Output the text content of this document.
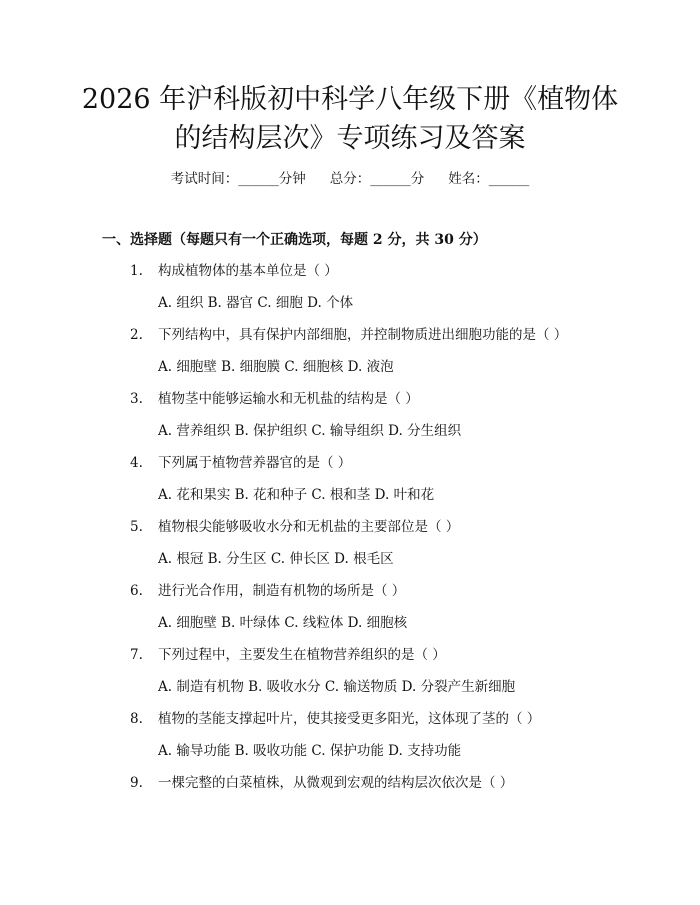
2026 年沪科版初中科学八年级下册《植物体
的结构层次》专项练习及答案
考试时间：______分钟 总分：______分 姓名：______
一、选择题（每题只有一个正确选项，每题 2 分，共 30 分）
1. 构成植物体的基本单位是（ ）
A. 组织 B. 器官 C. 细胞 D. 个体
2. 下列结构中，具有保护内部细胞，并控制物质进出细胞功能的是（ ）
A. 细胞壁 B. 细胞膜 C. 细胞核 D. 液泡
3. 植物茎中能够运输水和无机盐的结构是（ ）
A. 营养组织 B. 保护组织 C. 输导组织 D. 分生组织
4. 下列属于植物营养器官的是（ ）
A. 花和果实 B. 花和种子 C. 根和茎 D. 叶和花
5. 植物根尖能够吸收水分和无机盐的主要部位是（ ）
A. 根冠 B. 分生区 C. 伸长区 D. 根毛区
6. 进行光合作用，制造有机物的场所是（ ）
A. 细胞壁 B. 叶绿体 C. 线粒体 D. 细胞核
7. 下列过程中，主要发生在植物营养组织的是（ ）
A. 制造有机物 B. 吸收水分 C. 输送物质 D. 分裂产生新细胞
8. 植物的茎能支撑起叶片，使其接受更多阳光，这体现了茎的（ ）
A. 输导功能 B. 吸收功能 C. 保护功能 D. 支持功能
9. 一棵完整的白菜植株，从微观到宏观的结构层次依次是（ ）
